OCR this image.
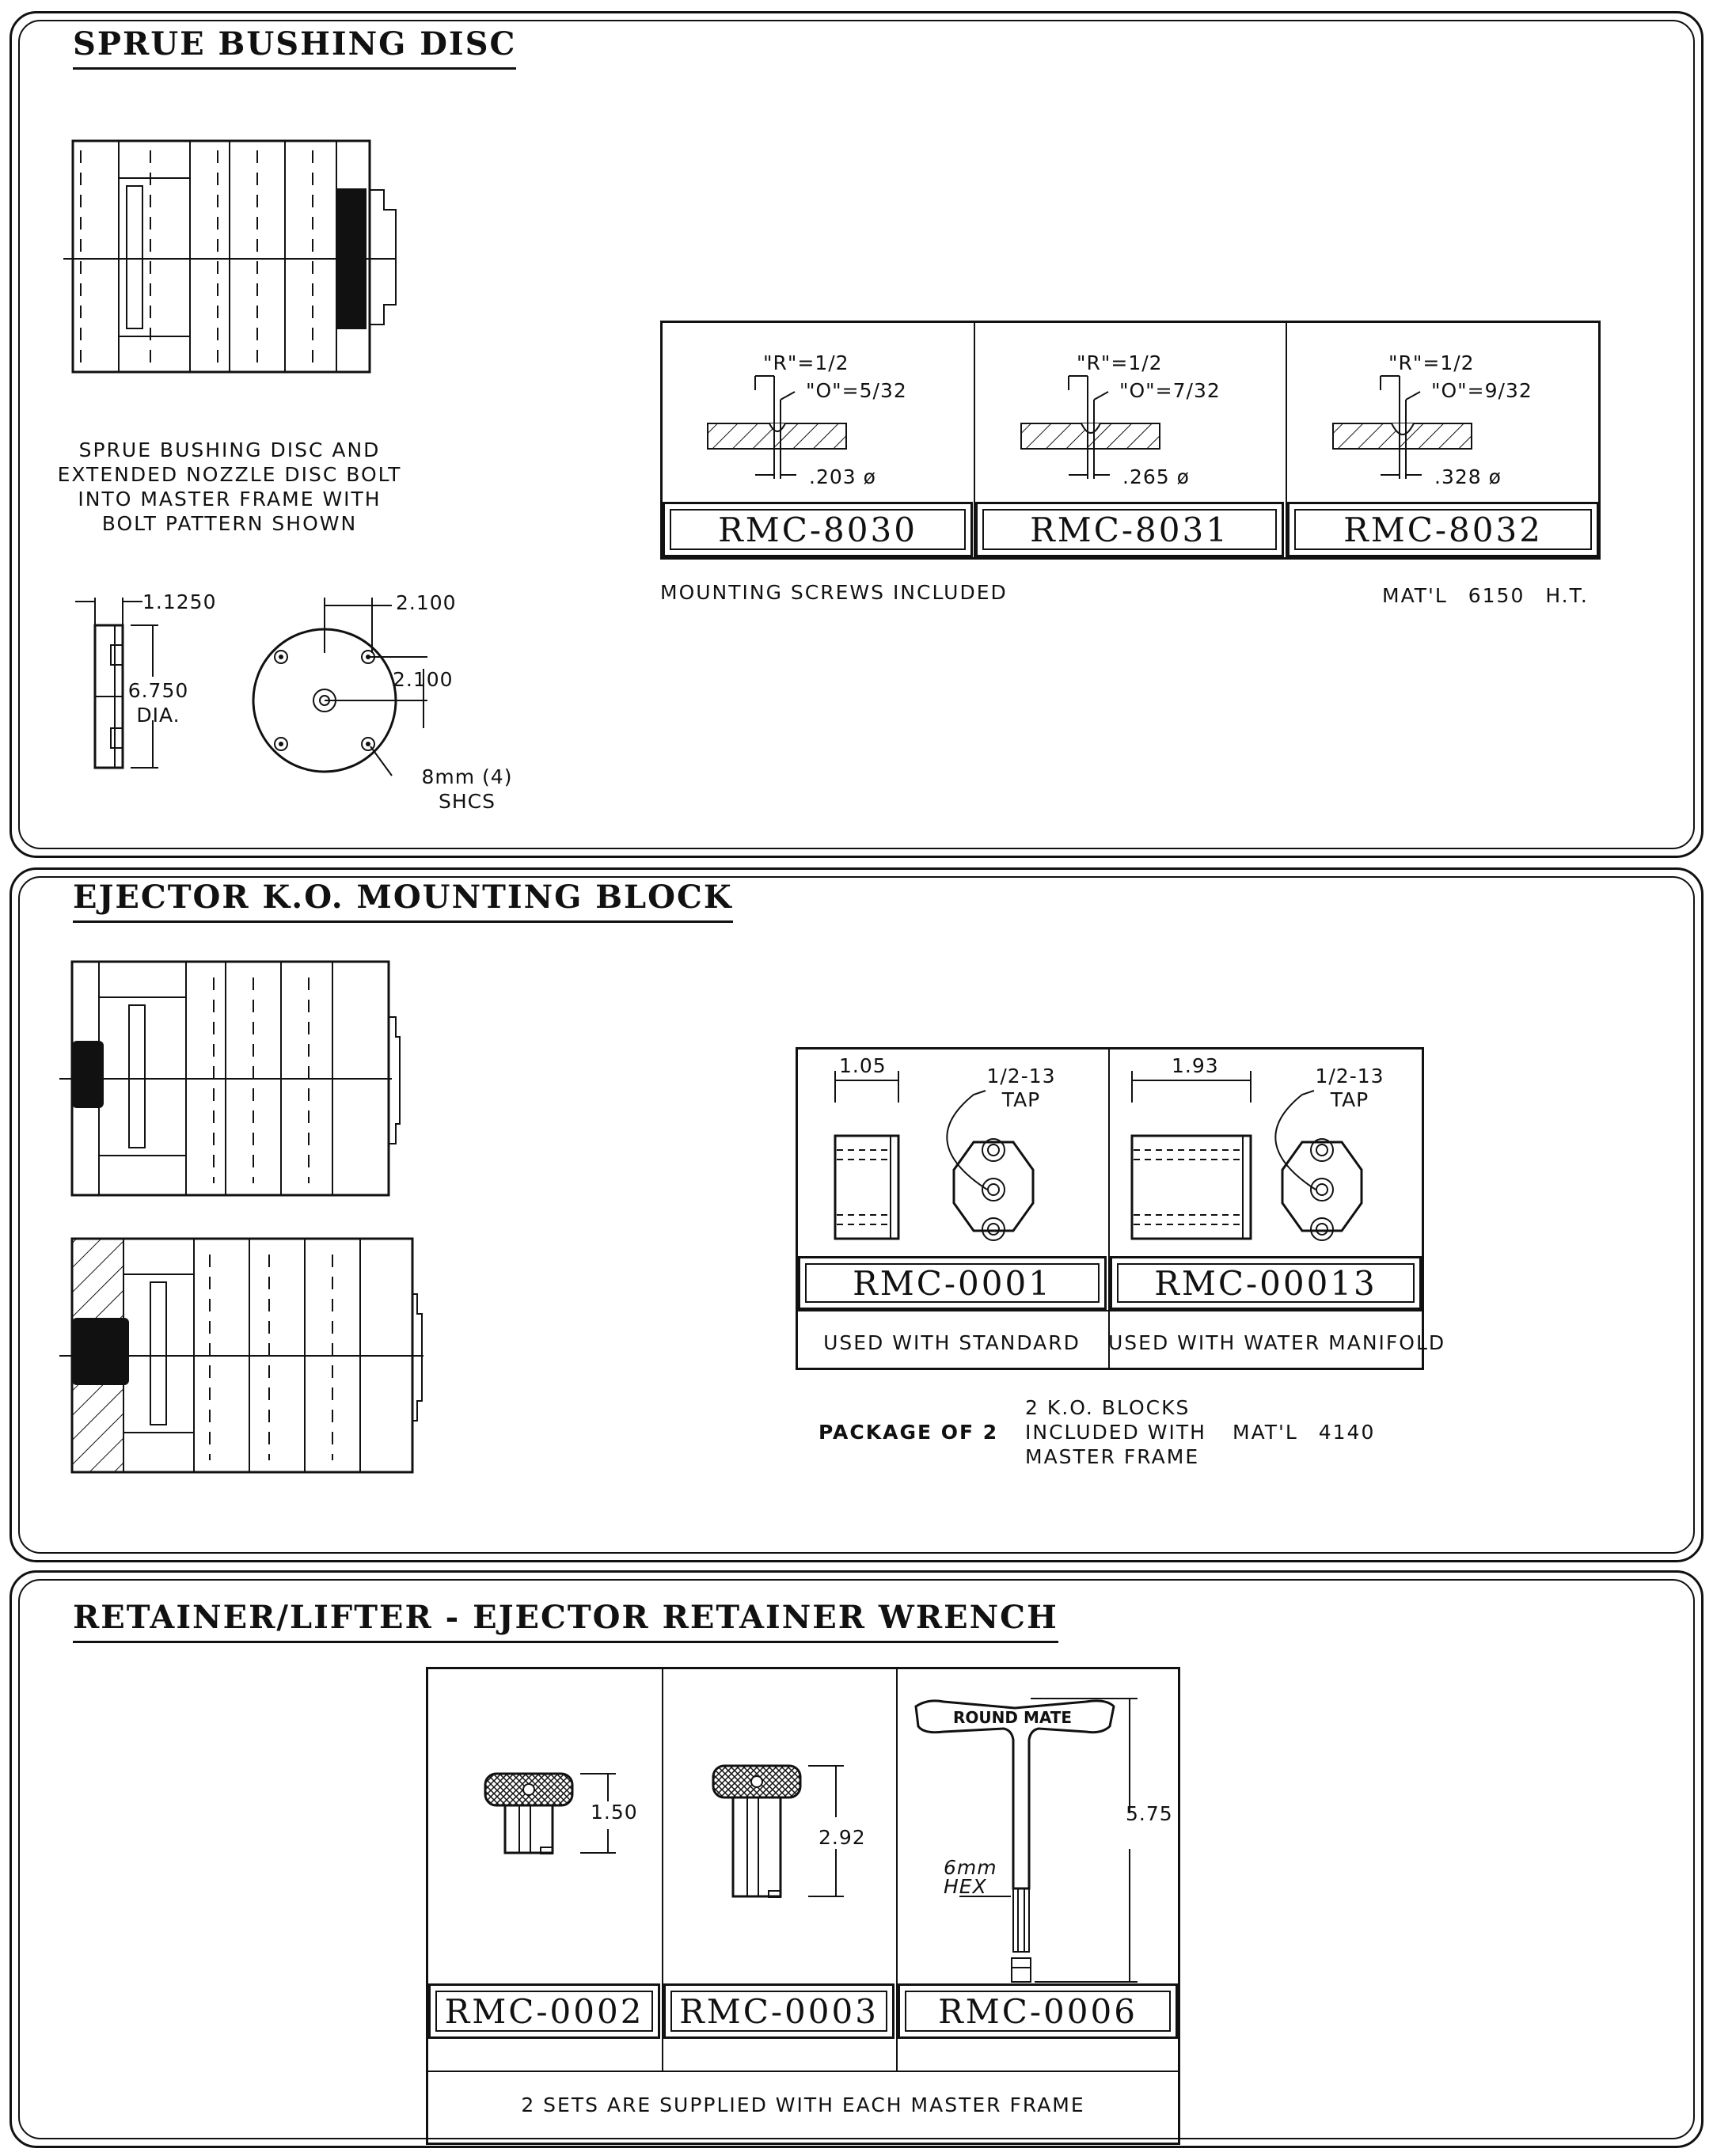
SPRUE BUSHING DISC
SPRUE BUSHING DISC AND
EXTENDED NOZZLE DISC BOLT
INTO MASTER FRAME WITH
BOLT PATTERN SHOWN
1.1250
6.750
DIA.
2.100
2.100
8mm (4)
SHCS
"R"=1/2
"O"=5/32
.203 ø
"R"=1/2
"O"=7/32
.265 ø
"R"=1/2
"O"=9/32
.328 ø
RMC-8030	RMC-8031	RMC-8032
MOUNTING SCREWS INCLUDED	MAT'L 6150 H.T.
EJECTOR K.O. MOUNTING BLOCK
1.05	1/2-13
TAP
1.93	1/2-13
TAP
RMC-0001	RMC-00013
USED WITH STANDARD	USED WITH WATER MANIFOLD
PACKAGE OF 2
2 K.O. BLOCKS
INCLUDED WITH
MASTER FRAME
MAT'L 4140
RETAINER/LIFTER - EJECTOR RETAINER WRENCH
1.50
2.92
ROUND MATE
5.75
6mm
HEX
RMC-0002	RMC-0003	RMC-0006
2 SETS ARE SUPPLIED WITH EACH MASTER FRAME
